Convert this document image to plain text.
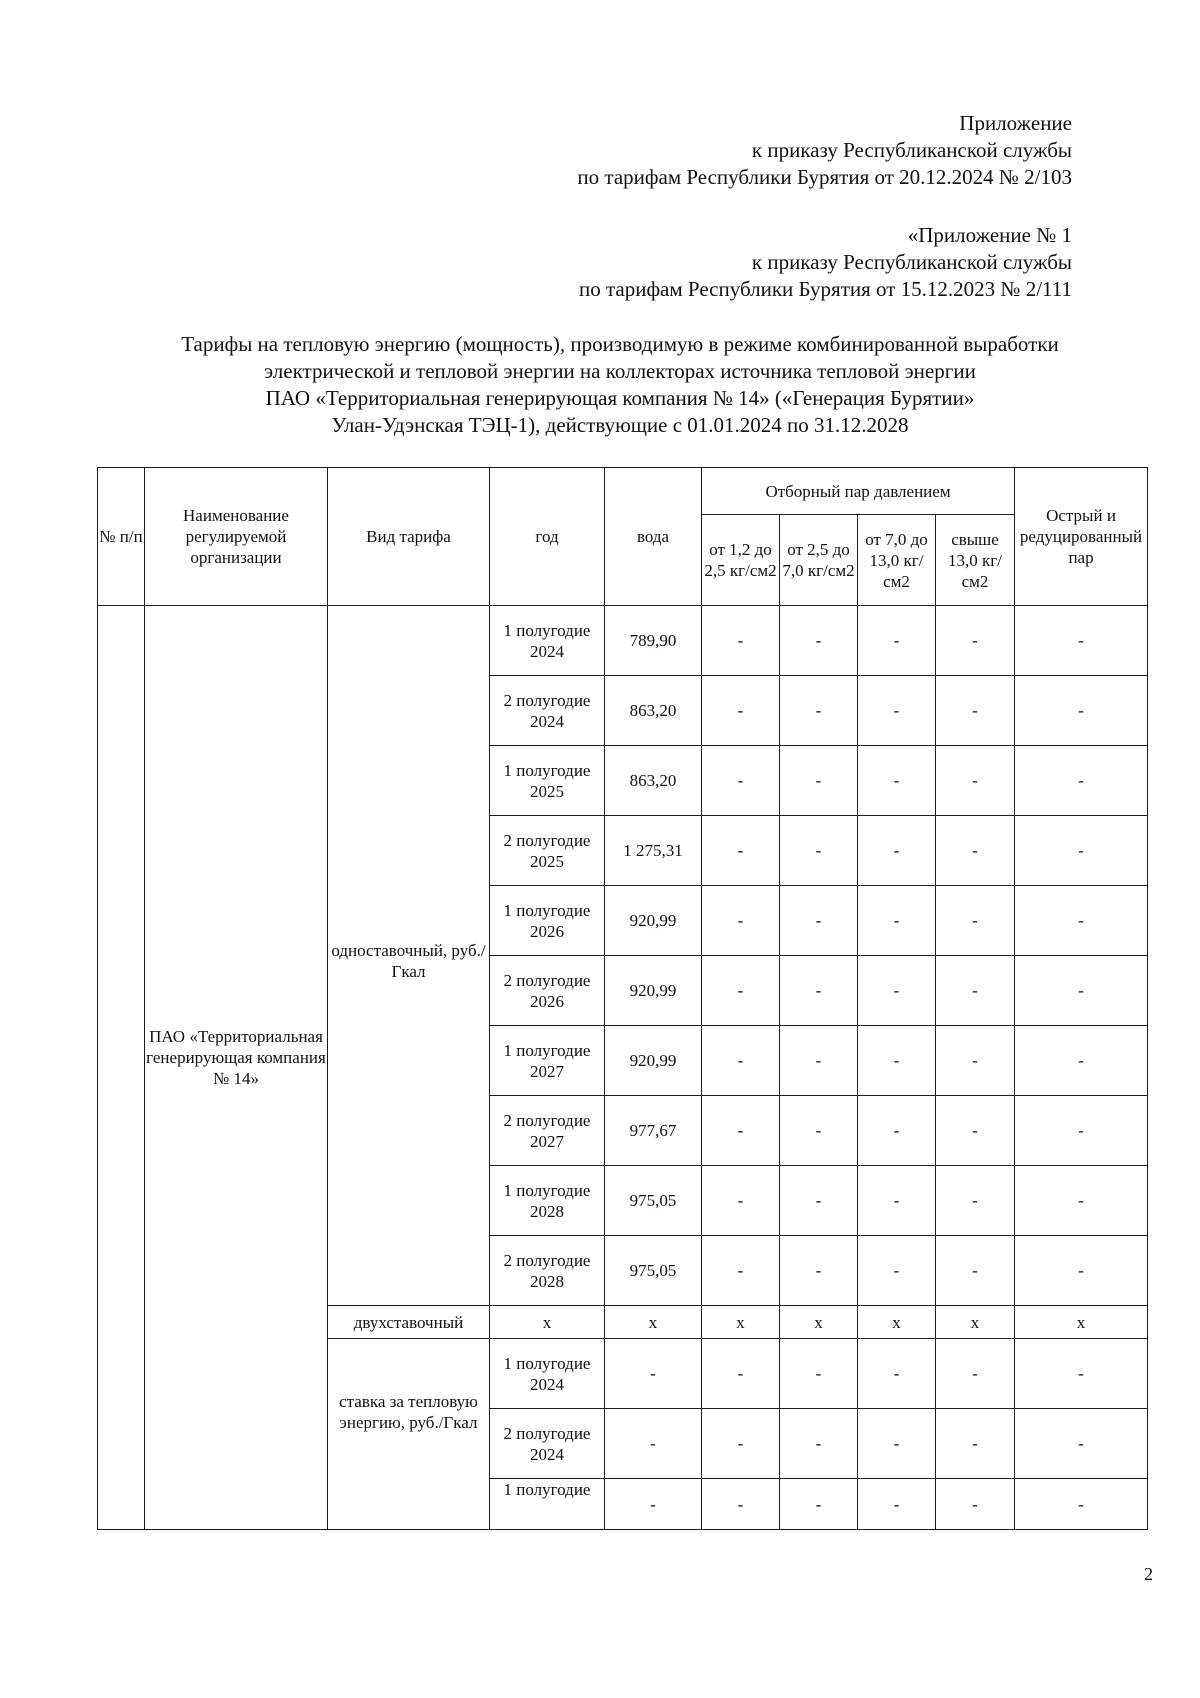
Приложение
к приказу Республиканской службы
по тарифам Республики Бурятия от 20.12.2024 № 2/103
«Приложение № 1
к приказу Республиканской службы
по тарифам Республики Бурятия от 15.12.2023 № 2/111
Тарифы на тепловую энергию (мощность), производимую в режиме комбинированной выработки
электрической и тепловой энергии на коллекторах источника тепловой энергии
ПАО «Территориальная генерирующая компания № 14» («Генерация Бурятии»
Улан-Удэнская ТЭЦ-1), действующие с 01.01.2024 по 31.12.2028
№ п/п	Наименование регулируемой организации	Вид тарифа	год	вода	Отборный пар давлением				Острый и редуцированный пар
					от 1,2 до 2,5 кг/см2	от 2,5 до 7,0 кг/см2	от 7,0 до 13,0 кг/см2	свыше 13,0 кг/см2	
	ПАО «Территориальная генерирующая компания № 14»	одноставочный, руб./Гкал	1 полугодие 2024	789,90	-	-	-	-	-
			2 полугодие 2024	863,20	-	-	-	-	-
			1 полугодие 2025	863,20	-	-	-	-	-
			2 полугодие 2025	1 275,31	-	-	-	-	-
			1 полугодие 2026	920,99	-	-	-	-	-
			2 полугодие 2026	920,99	-	-	-	-	-
			1 полугодие 2027	920,99	-	-	-	-	-
			2 полугодие 2027	977,67	-	-	-	-	-
			1 полугодие 2028	975,05	-	-	-	-	-
			2 полугодие 2028	975,05	-	-	-	-	-
		двухставочный	х	х	х	х	х	х	х
		ставка за тепловую энергию, руб./Гкал	1 полугодие 2024	-	-	-	-	-	-
			2 полугодие 2024	-	-	-	-	-	-
			1 полугодие	-	-	-	-	-	-
2
